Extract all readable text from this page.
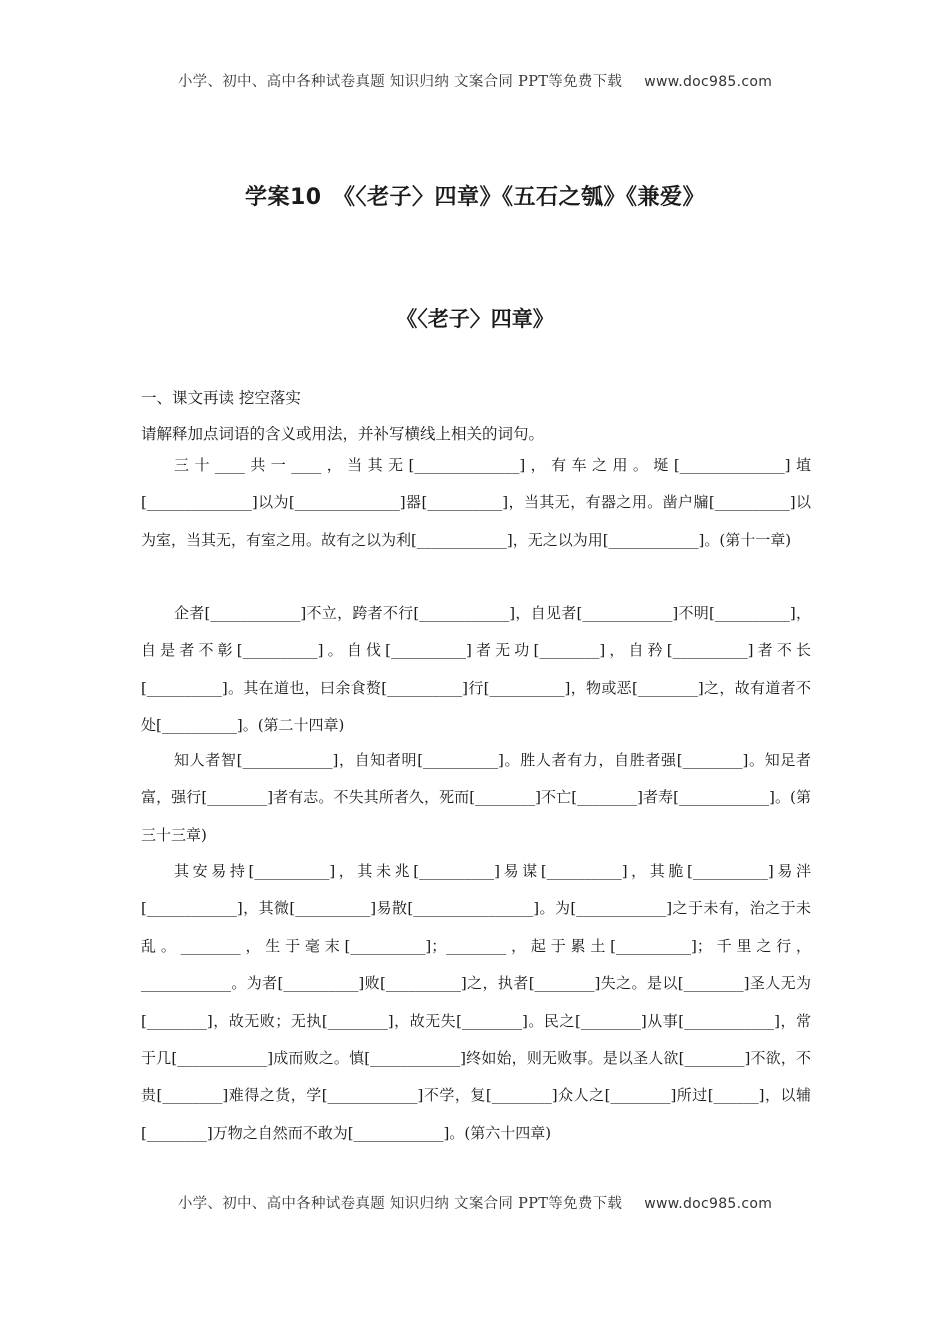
小学、初中、高中各种试卷真题 知识归纳 文案合同 PPT等免费下载 www.doc985.com
学案10　《〈老子〉四章》《五石之瓠》《兼爱》
《〈老子〉四章》
一、课文再读 挖空落实
请解释加点词语的含义或用法，并补写横线上相关的词句。
三十____共一____，当其无[______________]，有车之用。埏[______________]埴[______________]以为[______________]器[__________]，当其无，有器之用。凿户牖[__________]以为室，当其无，有室之用。故有之以为利[____________]，无之以为用[____________]。(第十一章)
企者[____________]不立，跨者不行[____________]，自见者[____________]不明[__________]，自是者不彰[__________]。自伐[__________]者无功[________]，自矜[__________]者不长[__________]。其在道也，曰余食赘[__________]行[__________]，物或恶[________]之，故有道者不处[__________]。(第二十四章)
知人者智[____________]，自知者明[__________]。胜人者有力，自胜者强[________]。知足者富，强行[________]者有志。不失其所者久，死而[________]不亡[________]者寿[____________]。(第三十三章)
其安易持[__________]，其未兆[__________]易谋[__________]，其脆[__________]易泮[____________]，其微[__________]易散[________________]。为[____________]之于未有，治之于未乱。________，生于毫末[__________]；________，起于累土[__________]；千里之行，____________。为者[__________]败[__________]之，执者[________]失之。是以[________]圣人无为[________]，故无败；无执[________]，故无失[________]。民之[________]从事[____________]，常于几[____________]成而败之。慎[____________]终如始，则无败事。是以圣人欲[________]不欲，不贵[________]难得之货，学[____________]不学，复[________]众人之[________]所过[______]，以辅[________]万物之自然而不敢为[____________]。(第六十四章)
小学、初中、高中各种试卷真题 知识归纳 文案合同 PPT等免费下载 www.doc985.com
